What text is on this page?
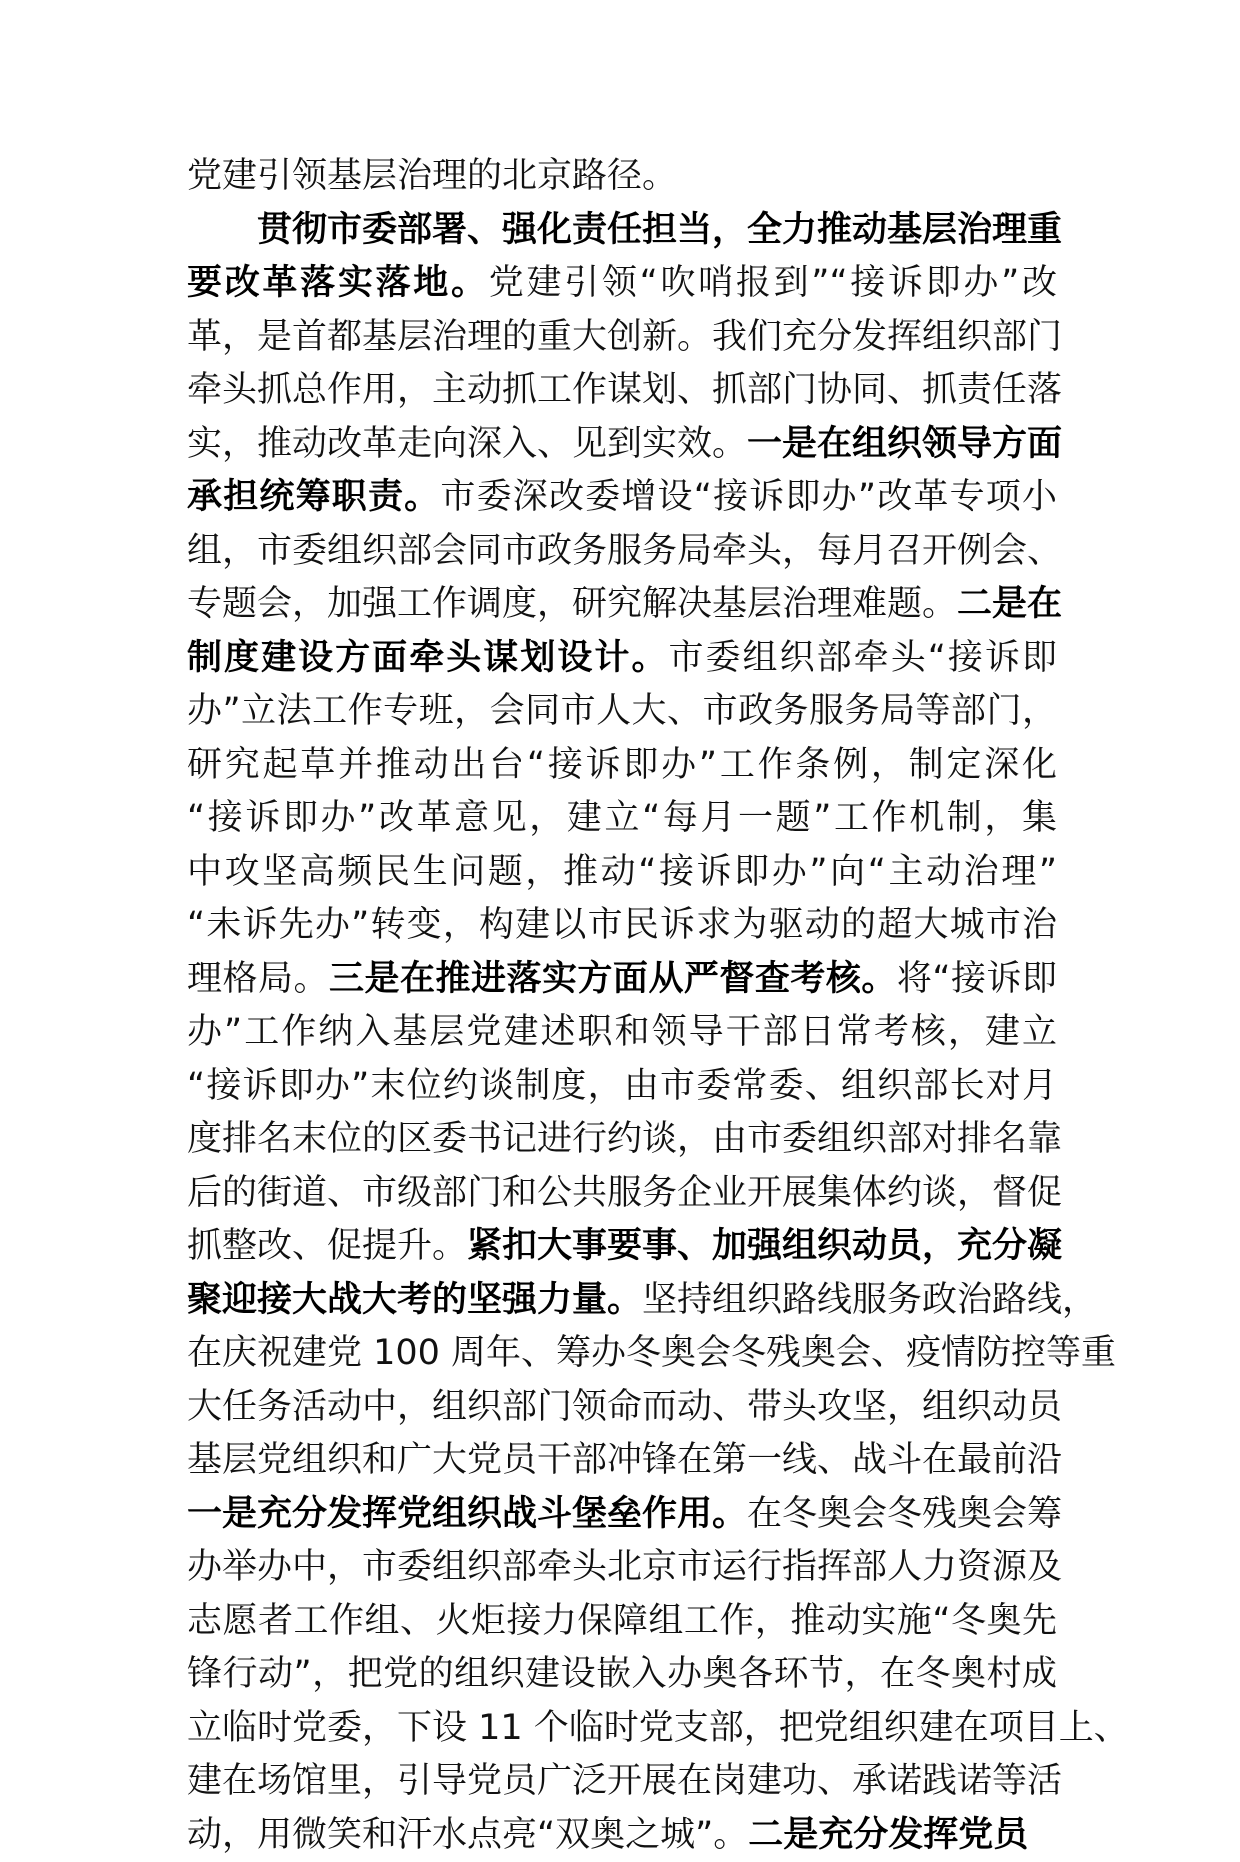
党建引领基层治理的北京路径。
贯彻市委部署、强化责任担当，全力推动基层治理重
要改革落实落地。党建引领“吹哨报到”“接诉即办”改
革，是首都基层治理的重大创新。我们充分发挥组织部门
牵头抓总作用，主动抓工作谋划、抓部门协同、抓责任落
实，推动改革走向深入、见到实效。一是在组织领导方面
承担统筹职责。市委深改委增设“接诉即办”改革专项小
组，市委组织部会同市政务服务局牵头，每月召开例会、
专题会，加强工作调度，研究解决基层治理难题。二是在
制度建设方面牵头谋划设计。市委组织部牵头“接诉即
办”立法工作专班，会同市人大、市政务服务局等部门，
研究起草并推动出台“接诉即办”工作条例，制定深化
“接诉即办”改革意见，建立“每月一题”工作机制，集
中攻坚高频民生问题，推动“接诉即办”向“主动治理”
“未诉先办”转变，构建以市民诉求为驱动的超大城市治
理格局。三是在推进落实方面从严督查考核。将“接诉即
办”工作纳入基层党建述职和领导干部日常考核，建立
“接诉即办”末位约谈制度，由市委常委、组织部长对月
度排名末位的区委书记进行约谈，由市委组织部对排名靠
后的街道、市级部门和公共服务企业开展集体约谈，督促
抓整改、促提升。紧扣大事要事、加强组织动员，充分凝
聚迎接大战大考的坚强力量。坚持组织路线服务政治路线，
在庆祝建党 100 周年、筹办冬奥会冬残奥会、疫情防控等重
大任务活动中，组织部门领命而动、带头攻坚，组织动员
基层党组织和广大党员干部冲锋在第一线、战斗在最前沿
一是充分发挥党组织战斗堡垒作用。在冬奥会冬残奥会筹
办举办中，市委组织部牵头北京市运行指挥部人力资源及
志愿者工作组、火炬接力保障组工作，推动实施“冬奥先
锋行动”，把党的组织建设嵌入办奥各环节，在冬奥村成
立临时党委，下设 11 个临时党支部，把党组织建在项目上、
建在场馆里，引导党员广泛开展在岗建功、承诺践诺等活
动，用微笑和汗水点亮“双奥之城”。二是充分发挥党员
